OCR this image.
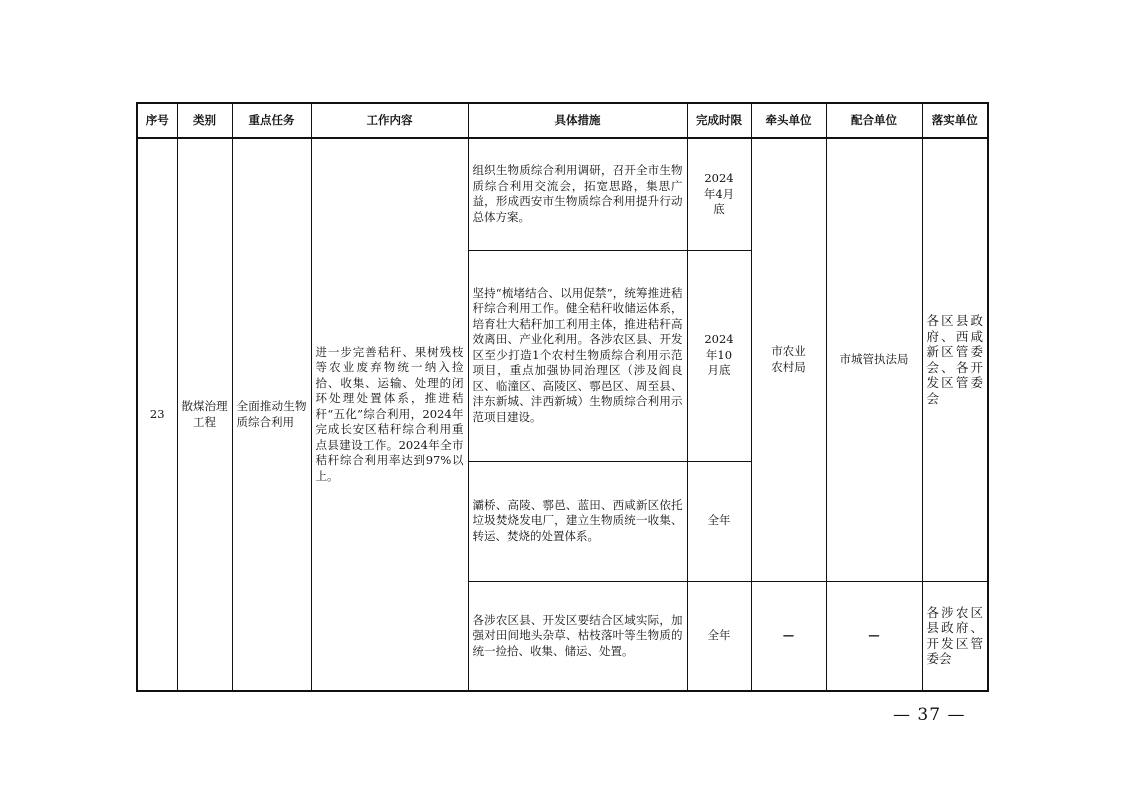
序号	类别	重点任务	工作内容	具体措施	完成时限	牵头单位	配合单位	落实单位
23	散煤治理工程	全面推动生物质综合利用	进一步完善秸秆、果树残枝等农业废弃物统一纳入捡拾、收集、运输、处理的闭环处理处置体系，推进秸秆“五化”综合利用，2024年完成长安区秸秆综合利用重点县建设工作。2024年全市秸秆综合利用率达到97%以上。	组织生物质综合利用调研，召开全市生物质综合利用交流会，拓宽思路，集思广益，形成西安市生物质综合利用提升行动总体方案。	2024年4月底	市农业农村局	市城管执法局	各区县政府、西咸新区管委会、各开发区管委会
				坚持“梳堵结合、以用促禁”，统筹推进秸秆综合利用工作。健全秸秆收储运体系，培育壮大秸秆加工利用主体，推进秸秆高效离田、产业化利用。各涉农区县、开发区至少打造1个农村生物质综合利用示范项目，重点加强协同治理区（涉及阎良区、临潼区、高陵区、鄠邑区、周至县、沣东新城、沣西新城）生物质综合利用示范项目建设。	2024年10月底			
				灞桥、高陵、鄠邑、蓝田、西咸新区依托垃圾焚烧发电厂，建立生物质统一收集、转运、焚烧的处置体系。	全年			
				各涉农区县、开发区要结合区域实际，加强对田间地头杂草、枯枝落叶等生物质的统一捡拾、收集、储运、处置。	全年	—	—	各涉农区县政府、开发区管委会
— 37 —
